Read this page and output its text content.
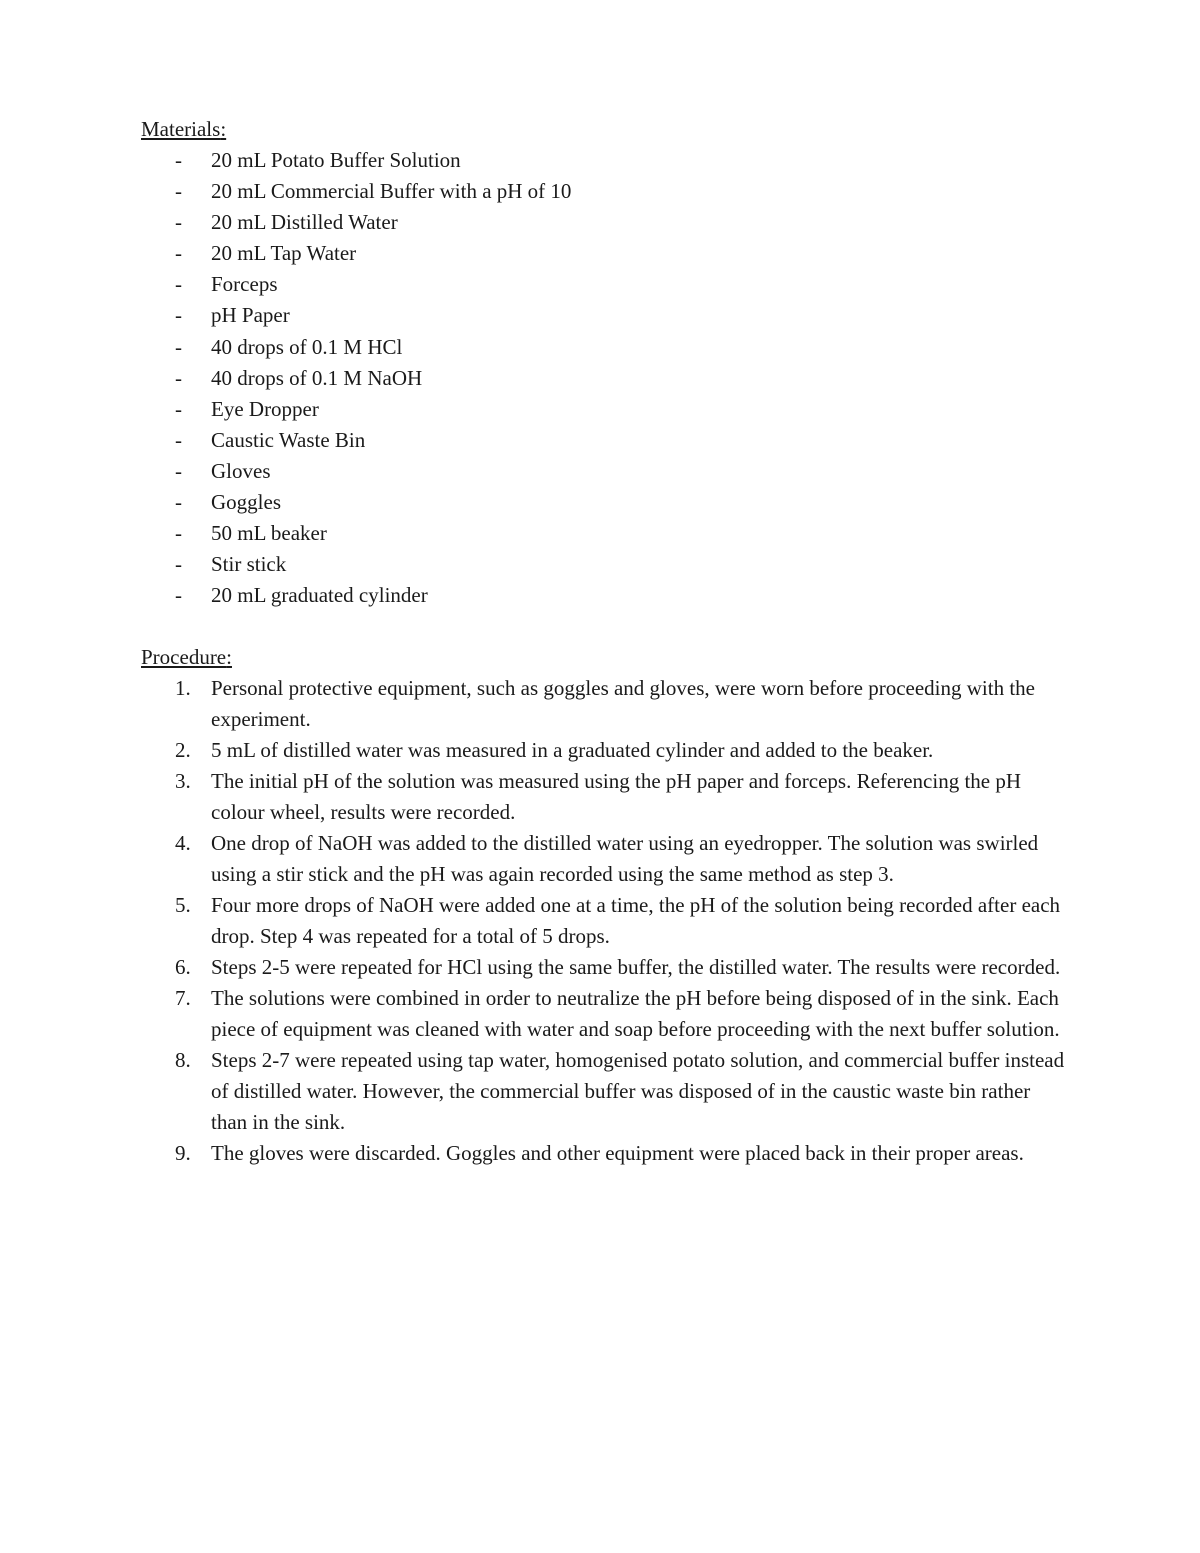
Materials:

- 20 mL Potato Buffer Solution
- 20 mL Commercial Buffer with a pH of 10
- 20 mL Distilled Water
- 20 mL Tap Water
- Forceps
- pH Paper
- 40 drops of 0.1 M HCl
- 40 drops of 0.1 M NaOH
- Eye Dropper
- Caustic Waste Bin
- Gloves
- Goggles
- 50 mL beaker
- Stir stick
- 20 mL graduated cylinder

Procedure:

1. Personal protective equipment, such as goggles and gloves, were worn before proceeding with the experiment.
2. 5 mL of distilled water was measured in a graduated cylinder and added to the beaker.
3. The initial pH of the solution was measured using the pH paper and forceps. Referencing the pH colour wheel, results were recorded.
4. One drop of NaOH was added to the distilled water using an eyedropper. The solution was swirled using a stir stick and the pH was again recorded using the same method as step 3.
5. Four more drops of NaOH were added one at a time, the pH of the solution being recorded after each drop. Step 4 was repeated for a total of 5 drops.
6. Steps 2-5 were repeated for HCl using the same buffer, the distilled water. The results were recorded.
7. The solutions were combined in order to neutralize the pH before being disposed of in the sink. Each piece of equipment was cleaned with water and soap before proceeding with the next buffer solution.
8. Steps 2-7 were repeated using tap water, homogenised potato solution, and commercial buffer instead of distilled water. However, the commercial buffer was disposed of in the caustic waste bin rather than in the sink.
9. The gloves were discarded. Goggles and other equipment were placed back in their proper areas.
